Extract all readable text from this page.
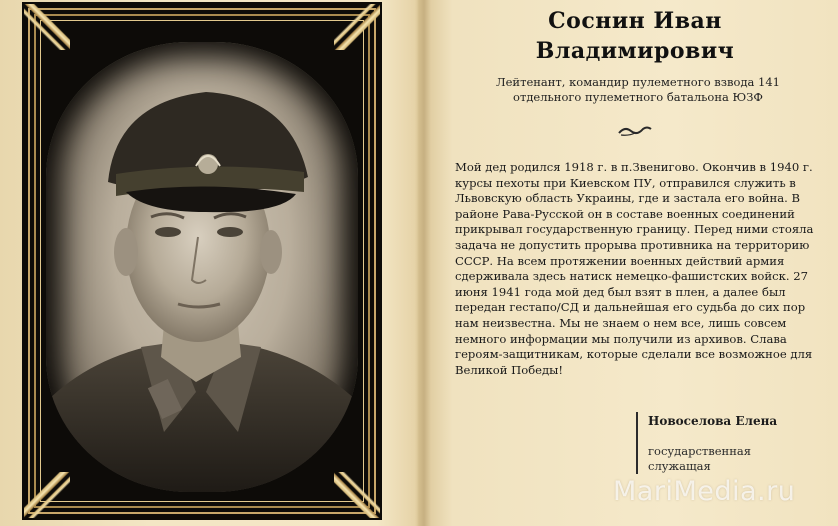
Соснин Иван
Владимирович
Лейтенант, командир пулеметного взвода 141 отдельного пулеметного батальона ЮЗФ
Мой дед родился 1918 г. в п.Звенигово. Окончив в 1940 г. курсы пехоты при Киевском ПУ, отправился служить в Львовскую область Украины, где и застала его война. В районе Рава-Русской он в составе военных соединений прикрывал государственную границу. Перед ними стояла задача не допустить прорыва противника на территорию СССР. На всем протяжении военных действий армия сдерживала здесь натиск немецко-фашистских войск. 27 июня 1941 года мой дед был взят в плен, а далее был передан гестапо/СД и дальнейшая его судьба до сих пор нам неизвестна. Мы не знаем о нем все, лишь совсем немного информации мы получили из архивов. Слава героям-защитникам, которые сделали все возможное для Великой Победы!
Новоселова Елена
государственная служащая
MariMedia.ru
